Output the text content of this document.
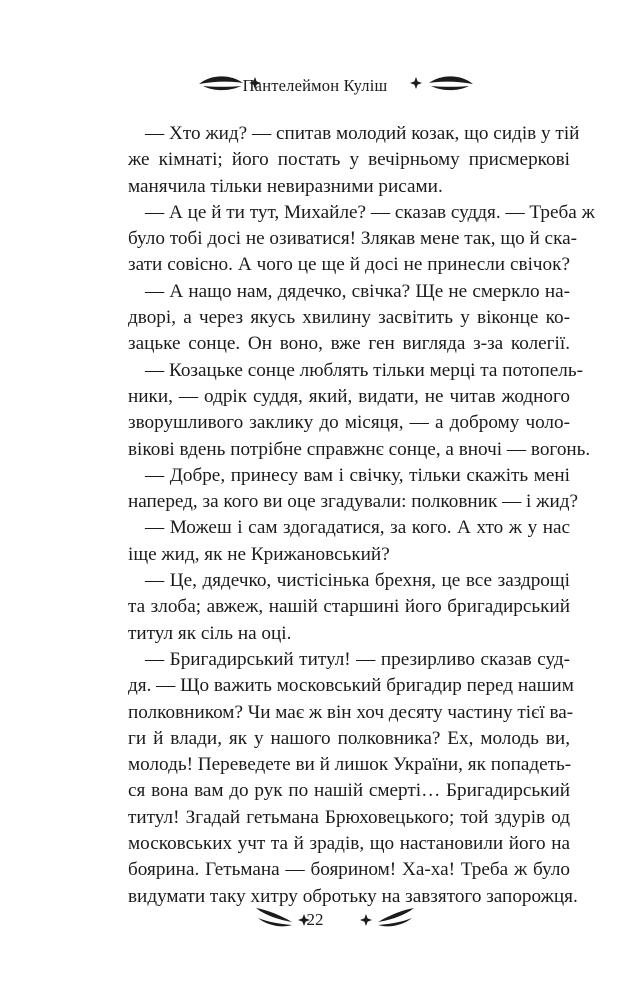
Пантелеймон Куліш

— Хто жид? — спитав молодий козак, що сидів у тій
же кімнаті; його постать у вечірньому присмеркові
манячила тільки невиразними рисами.

— А це й ти тут, Михайле? — сказав суддя. — Треба ж
було тобі досі не озиватися! Злякав мене так, що й ска-
зати совісно. А чого це ще й досі не принесли свічок?

— А нащо нам, дядечко, свічка? Ще не смеркло на-
дворі, а через якусь хвилину засвітить у віконце ко-
зацьке сонце. Он воно, вже ген вигляда з-за колегії.

— Козацьке сонце люблять тільки мерці та потопель-
ники, — одрік суддя, який, видати, не читав жодного
зворушливого заклику до місяця, — а доброму чоло-
вікові вдень потрібне справжнє сонце, а вночі — вогонь.

— Добре, принесу вам і свічку, тільки скажіть мені
наперед, за кого ви оце згадували: полковник — і жид?

— Можеш і сам здогадатися, за кого. А хто ж у нас
іще жид, як не Крижановський?

— Це, дядечко, чистісінька брехня, це все заздрощі
та злоба; авжеж, нашій старшині його бригадирський
титул як сіль на оці.

— Бригадирський титул! — презирливо сказав суд-
дя. — Що важить московський бригадир перед нашим
полковником? Чи має ж він хоч десяту частину тієї ва-
ги й влади, як у нашого полковника? Ех, молодь ви,
молодь! Переведете ви й лишок України, як попадеть-
ся вона вам до рук по нашій смерті… Бригадирський
титул! Згадай гетьмана Брюховецького; той здурів од
московських учт та й зрадів, що настановили його на
боярина. Гетьмана — боярином! Ха-ха! Треба ж було
видумати таку хитру обротьку на завзятого запорожця.

22
